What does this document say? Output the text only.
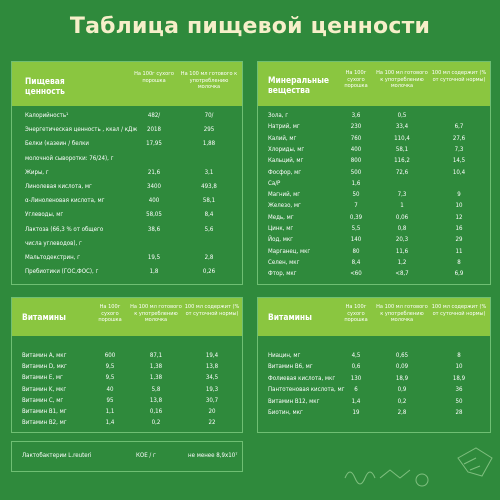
Таблица пищевой ценности
Пищевая ценность
На 100г сухого порошка
На 100 мл готового к употреблению молочка
Калорийность¹	482/	70/
Энергетическая ценность , ккал / кДж	2018	295
Белки (казеин / белки	17,95	1,88
молочной сыворотки: 76/24), г
Жиры, г	21,6	3,1
Линолевая кислота, мг	3400	493,8
α-Линоленовая кислота, мг	400	58,1
Углеводы, мг	58,05	8,4
Лактоза (66,3 % от общего	38,6	5,6
числа углеводов), г
Мальтодекстрин, г	19,5	2,8
Пребиотики (ГОС,ФОС), г	1,8	0,26
Минеральные вещества
На 100г сухого порошка
На 100 мл готового к употреблению молочка
100 мл содержит (% от суточной нормы)
Зола, г	3,6	0,5
Натрий, мг	230	33,4	6,7
Калий, мг	760	110,4	27,6
Хлориды, мг	400	58,1	7,3
Кальций, мг	800	116,2	14,5
Фосфор, мг	500	72,6	10,4
Ca/P	1,6
Магний, мг	50	7,3	9
Железо, мг	7	1	10
Медь, мг	0,39	0,06	12
Цинк, мг	5,5	0,8	16
Йод, мкг	140	20,3	29
Марганец, мкг	80	11,6	11
Селен, мкг	8,4	1,2	8
Фтор, мкг	<60	<8,7	6,9
Витамины
На 100г сухого порошка
На 100 мл готового к употреблению молочка
100 мл содержит (% от суточной нормы)
Витамин A, мкг	600	87,1	19,4
Витамин D, мкг	9,5	1,38	13,8
Витамин E, мг	9,5	1,38	34,5
Витамин K, мкг	40	5,8	19,3
Витамин C, мг	95	13,8	30,7
Витамин B1, мг	1,1	0,16	20
Витамин B2, мг	1,4	0,2	22
Витамины
На 100г сухого порошка
На 100 мл готового к употреблению молочка
100 мл содержит (% от суточной нормы)
Ниацин, мг	4,5	0,65	8
Витамин B6, мг	0,6	0,09	10
Фолиевая кислота, мкг	130	18,9	18,9
Пантотеновая кислота, мг	6	0,9	36
Витамин B12, мкг	1,4	0,2	50
Биотин, мкг	19	2,8	28
Лактобактерии L.reuteri	КОЕ / г	не менее 8,9x10⁷
